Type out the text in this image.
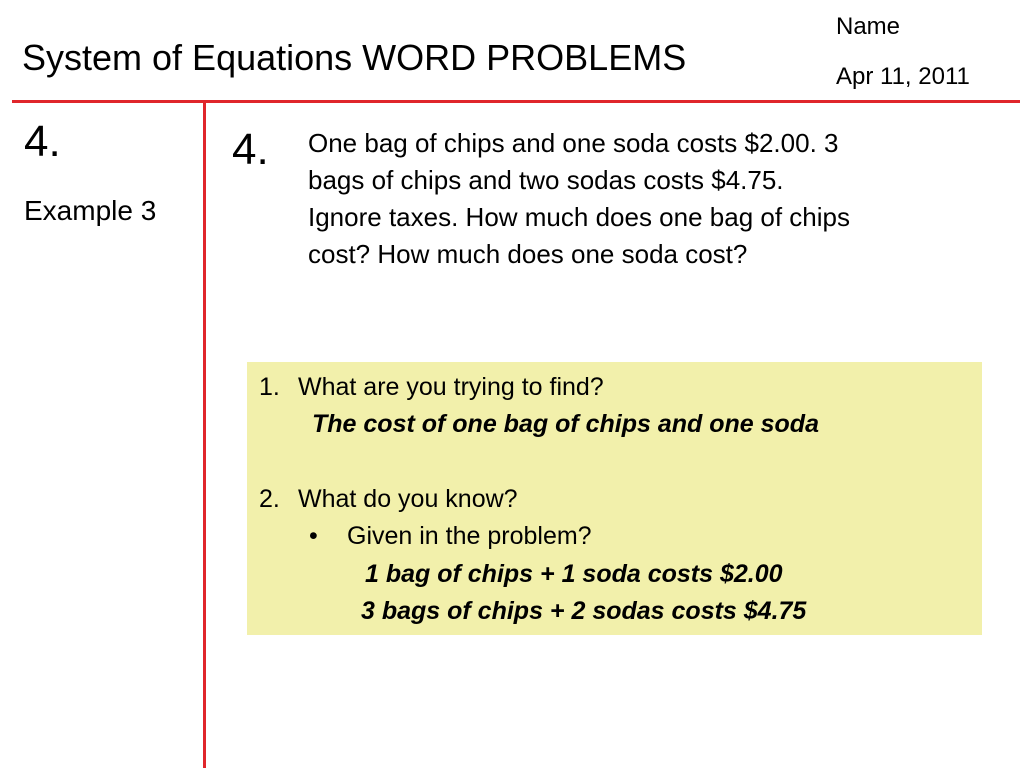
System of Equations WORD PROBLEMS
Name
Apr 11, 2011
4.
Example 3
4. One bag of chips and one soda costs $2.00. 3
bags of chips and two sodas costs $4.75.
Ignore taxes. How much does one bag of chips
cost? How much does one soda cost?
1. What are you trying to find?
The cost of one bag of chips and one soda
2. What do you know?
• Given in the problem?
1 bag of chips + 1 soda costs $2.00
3 bags of chips + 2 sodas costs $4.75
